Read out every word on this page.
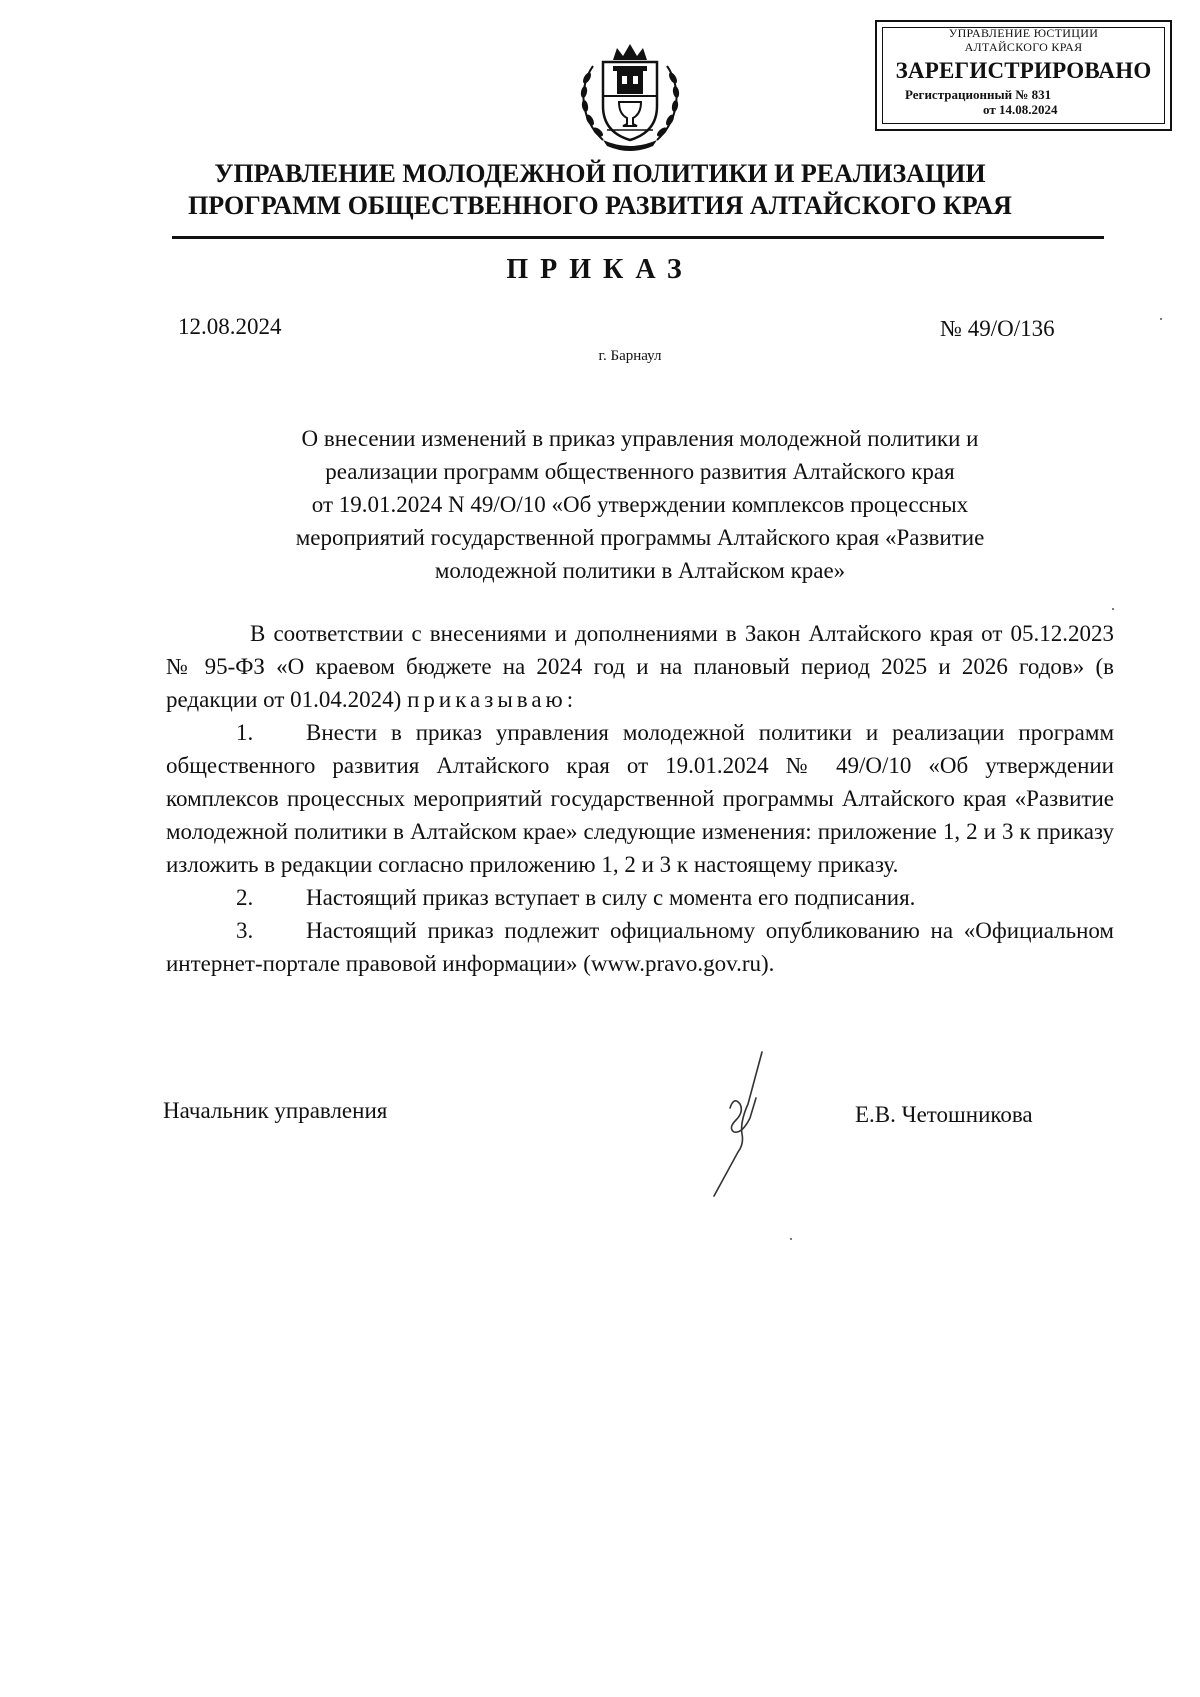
УПРАВЛЕНИЕ ЮСТИЦИИ
АЛТАЙСКОГО КРАЯ
ЗАРЕГИСТРИРОВАНО
Регистрационный № 831
от 14.08.2024
УПРАВЛЕНИЕ МОЛОДЕЖНОЙ ПОЛИТИКИ И РЕАЛИЗАЦИИ
ПРОГРАММ ОБЩЕСТВЕННОГО РАЗВИТИЯ АЛТАЙСКОГО КРАЯ
ПРИКАЗ
12.08.2024	№ 49/О/136
г. Барнаул
О внесении изменений в приказ управления молодежной политики и
реализации программ общественного развития Алтайского края
от 19.01.2024 N 49/О/10 «Об утверждении комплексов процессных
мероприятий государственной программы Алтайского края «Развитие
молодежной политики в Алтайском крае»

В соответствии с внесениями и дополнениями в Закон Алтайского края от 05.12.2023 № 95-ФЗ «О краевом бюджете на 2024 год и на плановый период 2025 и 2026 годов» (в редакции от 01.04.2024) приказываю:

1. Внести в приказ управления молодежной политики и реализации программ общественного развития Алтайского края от 19.01.2024 № 49/О/10 «Об утверждении комплексов процессных мероприятий государственной программы Алтайского края «Развитие молодежной политики в Алтайском крае» следующие изменения: приложение 1, 2 и 3 к приказу изложить в редакции согласно приложению 1, 2 и 3 к настоящему приказу.

2. Настоящий приказ вступает в силу с момента его подписания.

3. Настоящий приказ подлежит официальному опубликованию на «Официальном интернет-портале правовой информации» (www.pravo.gov.ru).

Начальник управления	Е.В. Четошникова
